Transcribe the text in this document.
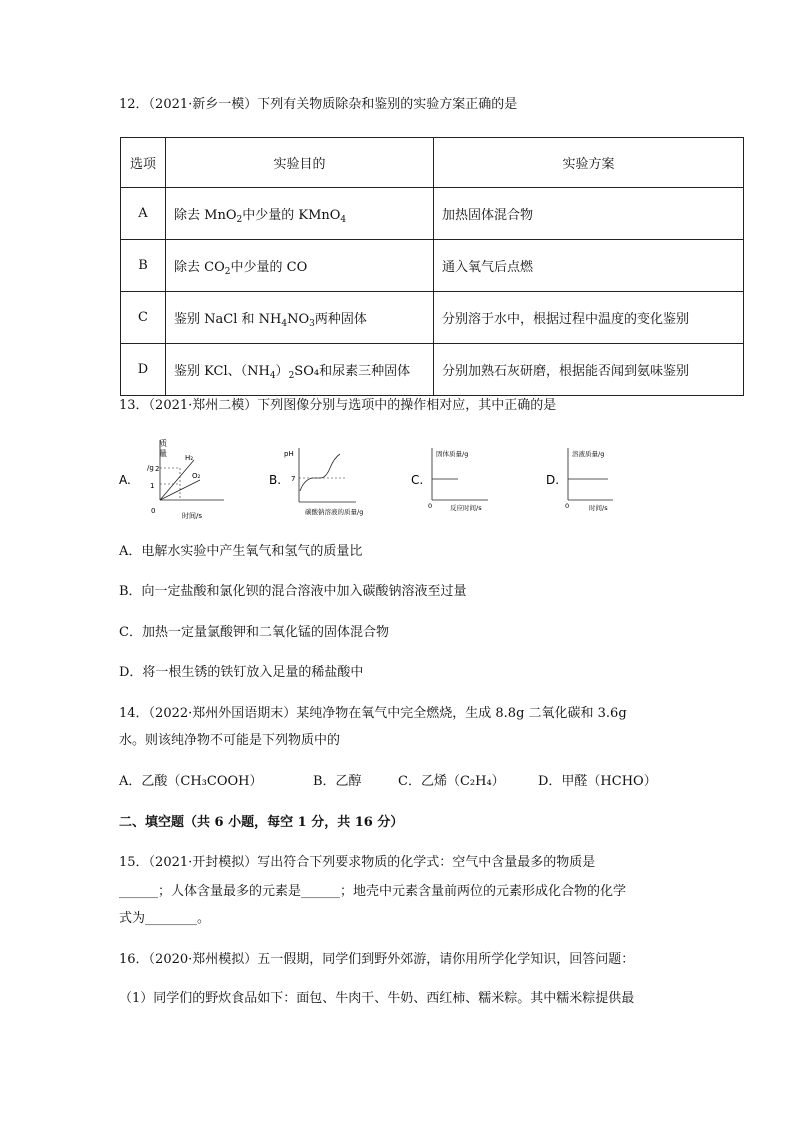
12．（2021·新乡一模）下列有关物质除杂和鉴别的实验方案正确的是
选项	实验目的	实验方案
A	除去 MnO$_2$中少量的 KMnO$_4$	加热固体混合物
B	除去 $CO_2$中少量的 CO	通入氧气后点燃
C	鉴别 NaCl 和 $NH_4NO_3$两种固体	分别溶于水中，根据过程中温度的变化鉴别
D	鉴别 KCl、$(NH_4)_2SO_4$和尿素三种固体	分别加熟石灰研磨，根据能否闻到氨味鉴别
13．（2021·郑州二模）下列图像分别与选项中的操作相对应，其中正确的是
A.
质
量
/g 2
1
0
H₂
O₂
时间/s
B.
pH
7
碳酸钠溶液的质量/g
C.
固体质量/g
0	反应时间/s
D.
溶液质量/g
0	时间/s
A．电解水实验中产生氧气和氢气的质量比
B．向一定盐酸和氯化钡的混合溶液中加入碳酸钠溶液至过量
C．加热一定量氯酸钾和二氧化锰的固体混合物
D．将一根生锈的铁钉放入足量的稀盐酸中
14．（2022·郑州外国语期末）某纯净物在氧气中完全燃烧，生成 8.8g 二氧化碳和 3.6g
水。则该纯净物不可能是下列物质中的
A．乙酸（CH₃COOH）	B．乙醇	C．乙烯（C₂H₄）	D．甲醛（HCHO）
二、填空题（共 6 小题，每空 1 分，共 16 分）
15．（2021·开封模拟）写出符合下列要求物质的化学式：空气中含量最多的物质是
______；人体含量最多的元素是______；地壳中元素含量前两位的元素形成化合物的化学
式为________。
16．（2020·郑州模拟）五一假期，同学们到野外郊游，请你用所学化学知识，回答问题：
（1）同学们的野炊食品如下：面包、牛肉干、牛奶、西红柿、糯米粽。其中糯米粽提供最
